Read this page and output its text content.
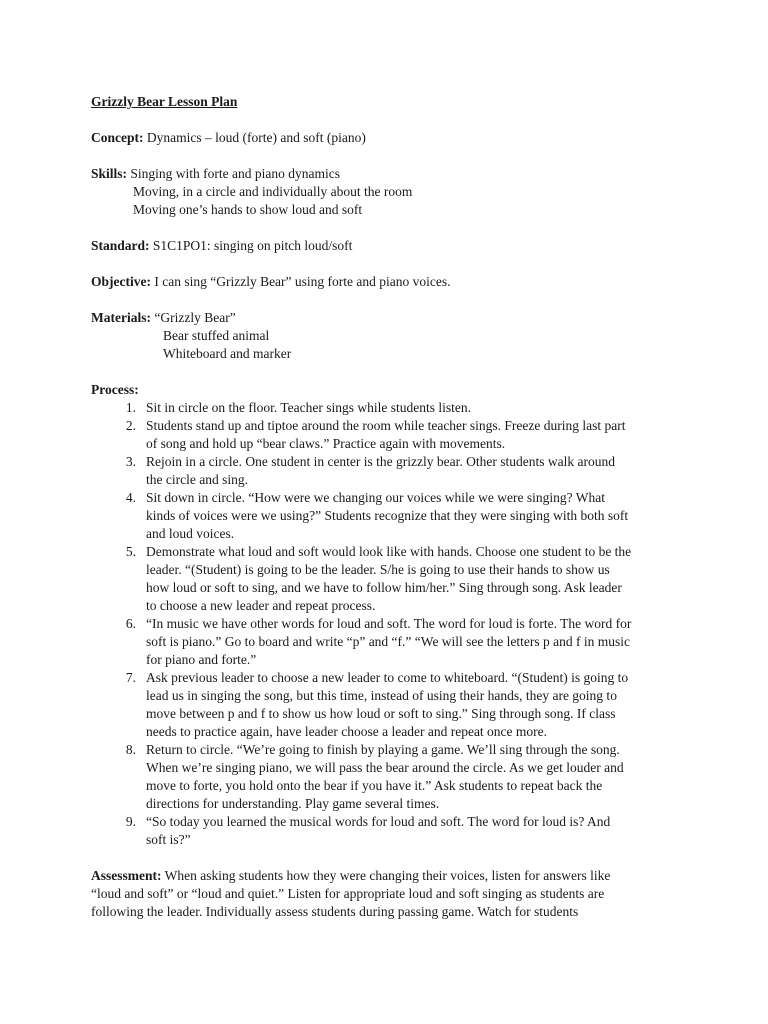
Grizzly Bear Lesson Plan
Concept: Dynamics – loud (forte) and soft (piano)
Skills: Singing with forte and piano dynamics
Moving, in a circle and individually about the room
Moving one’s hands to show loud and soft
Standard: S1C1PO1: singing on pitch loud/soft
Objective: I can sing “Grizzly Bear” using forte and piano voices.
Materials: “Grizzly Bear”
Bear stuffed animal
Whiteboard and marker
Process:
1. Sit in circle on the floor. Teacher sings while students listen.
2. Students stand up and tiptoe around the room while teacher sings. Freeze during last part
of song and hold up “bear claws.” Practice again with movements.
3. Rejoin in a circle. One student in center is the grizzly bear. Other students walk around
the circle and sing.
4. Sit down in circle. “How were we changing our voices while we were singing? What
kinds of voices were we using?” Students recognize that they were singing with both soft
and loud voices.
5. Demonstrate what loud and soft would look like with hands. Choose one student to be the
leader. “(Student) is going to be the leader. S/he is going to use their hands to show us
how loud or soft to sing, and we have to follow him/her.” Sing through song. Ask leader
to choose a new leader and repeat process.
6. “In music we have other words for loud and soft. The word for loud is forte. The word for
soft is piano.” Go to board and write “p” and “f.” “We will see the letters p and f in music
for piano and forte.”
7. Ask previous leader to choose a new leader to come to whiteboard. “(Student) is going to
lead us in singing the song, but this time, instead of using their hands, they are going to
move between p and f to show us how loud or soft to sing.” Sing through song. If class
needs to practice again, have leader choose a leader and repeat once more.
8. Return to circle. “We’re going to finish by playing a game. We’ll sing through the song.
When we’re singing piano, we will pass the bear around the circle. As we get louder and
move to forte, you hold onto the bear if you have it.” Ask students to repeat back the
directions for understanding. Play game several times.
9. “So today you learned the musical words for loud and soft. The word for loud is? And
soft is?”
Assessment: When asking students how they were changing their voices, listen for answers like
“loud and soft” or “loud and quiet.” Listen for appropriate loud and soft singing as students are
following the leader. Individually assess students during passing game. Watch for students
